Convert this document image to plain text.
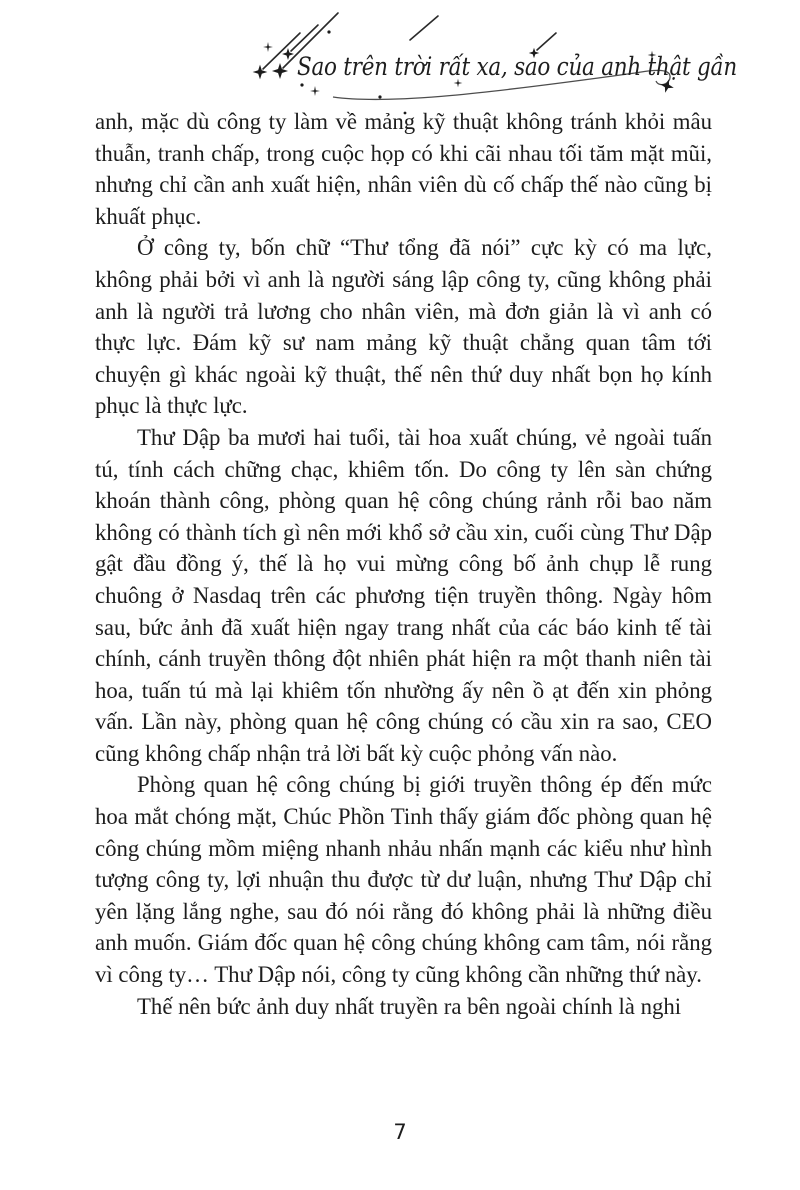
Sao trên trời rất xa, sao của anh thật gần

anh, mặc dù công ty làm về mảng kỹ thuật không tránh khỏi mâu thuẫn, tranh chấp, trong cuộc họp có khi cãi nhau tối tăm mặt mũi, nhưng chỉ cần anh xuất hiện, nhân viên dù cố chấp thế nào cũng bị khuất phục.

Ở công ty, bốn chữ “Thư tổng đã nói” cực kỳ có ma lực, không phải bởi vì anh là người sáng lập công ty, cũng không phải anh là người trả lương cho nhân viên, mà đơn giản là vì anh có thực lực. Đám kỹ sư nam mảng kỹ thuật chẳng quan tâm tới chuyện gì khác ngoài kỹ thuật, thế nên thứ duy nhất bọn họ kính phục là thực lực.

Thư Dập ba mươi hai tuổi, tài hoa xuất chúng, vẻ ngoài tuấn tú, tính cách chững chạc, khiêm tốn. Do công ty lên sàn chứng khoán thành công, phòng quan hệ công chúng rảnh rỗi bao năm không có thành tích gì nên mới khổ sở cầu xin, cuối cùng Thư Dập gật đầu đồng ý, thế là họ vui mừng công bố ảnh chụp lễ rung chuông ở Nasdaq trên các phương tiện truyền thông. Ngày hôm sau, bức ảnh đã xuất hiện ngay trang nhất của các báo kinh tế tài chính, cánh truyền thông đột nhiên phát hiện ra một thanh niên tài hoa, tuấn tú mà lại khiêm tốn nhường ấy nên ồ ạt đến xin phỏng vấn. Lần này, phòng quan hệ công chúng có cầu xin ra sao, CEO cũng không chấp nhận trả lời bất kỳ cuộc phỏng vấn nào.

Phòng quan hệ công chúng bị giới truyền thông ép đến mức hoa mắt chóng mặt, Chúc Phồn Tinh thấy giám đốc phòng quan hệ công chúng mồm miệng nhanh nhảu nhấn mạnh các kiểu như hình tượng công ty, lợi nhuận thu được từ dư luận, nhưng Thư Dập chỉ yên lặng lắng nghe, sau đó nói rằng đó không phải là những điều anh muốn. Giám đốc quan hệ công chúng không cam tâm, nói rằng vì công ty… Thư Dập nói, công ty cũng không cần những thứ này.

Thế nên bức ảnh duy nhất truyền ra bên ngoài chính là nghi

7
